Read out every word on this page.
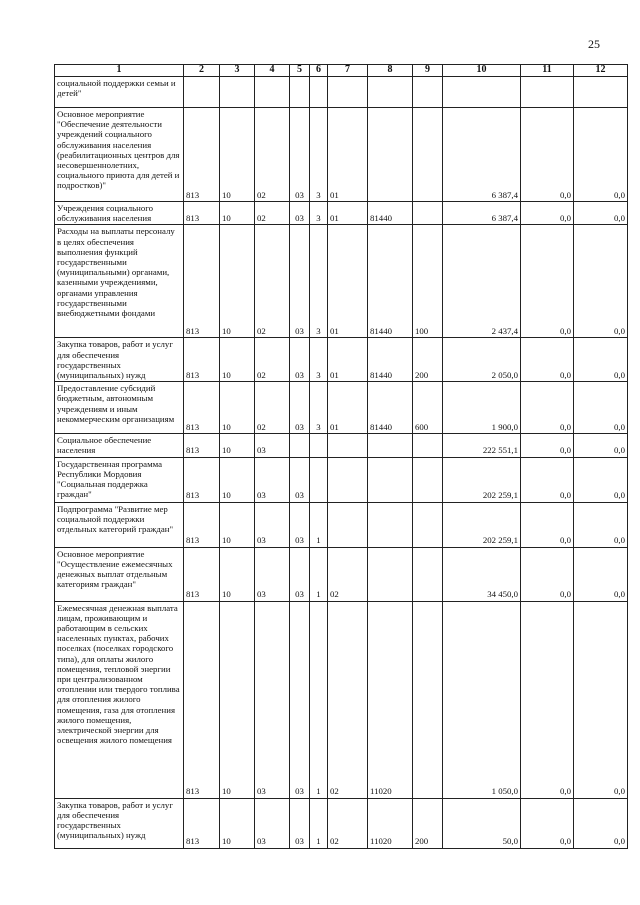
25
1	2	3	4	5	6	7	8	9	10	11	12
социальной поддержки семьи и детей"											
Основное мероприятие "Обеспечение деятельности учреждений социального обслуживания населения (реабилитационных центров для несовершеннолетних, социального приюта для детей и подростков)"	813	10	02	03	3	01			6 387,4	0,0	0,0
Учреждения социального обслуживания населения	813	10	02	03	3	01	81440		6 387,4	0,0	0,0
Расходы на выплаты персоналу в целях обеспечения выполнения функций государственными (муниципальными) органами, казенными учреждениями, органами управления государственными внебюджетными фондами	813	10	02	03	3	01	81440	100	2 437,4	0,0	0,0
Закупка товаров, работ и услуг для обеспечения государственных (муниципальных) нужд	813	10	02	03	3	01	81440	200	2 050,0	0,0	0,0
Предоставление субсидий бюджетным, автономным учреждениям и иным некоммерческим организациям	813	10	02	03	3	01	81440	600	1 900,0	0,0	0,0
Социальное обеспечение населения	813	10	03						222 551,1	0,0	0,0
Государственная программа Республики Мордовия "Социальная поддержка граждан"	813	10	03	03					202 259,1	0,0	0,0
Подпрограмма "Развитие мер социальной поддержки отдельных категорий граждан"	813	10	03	03	1				202 259,1	0,0	0,0
Основное мероприятие "Осуществление ежемесячных денежных выплат отдельным категориям граждан"	813	10	03	03	1	02			34 450,0	0,0	0,0
Ежемесячная денежная выплата лицам, проживающим и работающим в сельских населенных пунктах, рабочих поселках (поселках городского типа), для оплаты жилого помещения, тепловой энергии при централизованном отоплении или твердого топлива для отопления жилого помещения, газа для отопления жилого помещения, электрической энергии для освещения жилого помещения	813	10	03	03	1	02	11020		1 050,0	0,0	0,0
Закупка товаров, работ и услуг для обеспечения государственных (муниципальных) нужд	813	10	03	03	1	02	11020	200	50,0	0,0	0,0
